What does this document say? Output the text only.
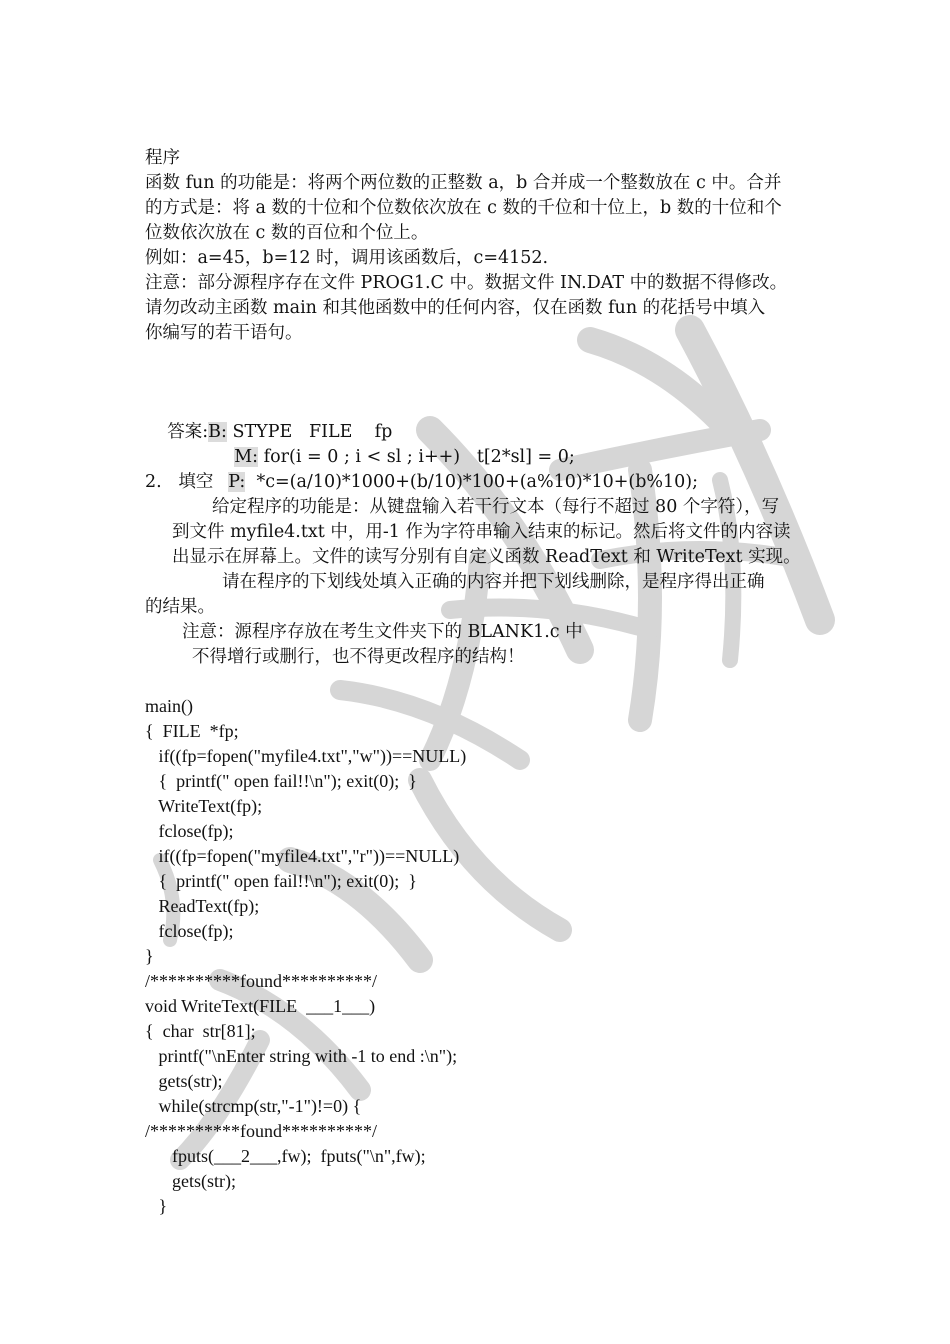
程序
函数 fun 的功能是：将两个两位数的正整数 a，b 合并成一个整数放在 c 中。合并
的方式是：将 a 数的十位和个位数依次放在 c 数的千位和十位上，b 数的十位和个
位数依次放在 c 数的百位和个位上。
例如：a=45，b=12 时，调用该函数后，c=4152.
注意：部分源程序存在文件 PROG1.C 中。数据文件 IN.DAT 中的数据不得修改。
请勿改动主函数 main 和其他函数中的任何内容，仅在函数 fun 的花括号中填入
你编写的若干语句。

答案:B: STYPE   FILE    fp

M: for(i = 0 ; i < sl ; i++)   t[2*sl] = 0;

P:  *c=(a/10)*1000+(b/10)*100+(a%10)*10+(b%10);

2.   填空
给定程序的功能是：从键盘输入若干行文本（每行不超过 80 个字符），写
到文件 myfile4.txt 中，用-1 作为字符串输入结束的标记。然后将文件的内容读
出显示在屏幕上。文件的读写分别有自定义函数 ReadText 和 WriteText 实现。
请在程序的下划线处填入正确的内容并把下划线删除，是程序得出正确
的结果。
注意：源程序存放在考生文件夹下的 BLANK1.c 中
不得增行或删行，也不得更改程序的结构！
main()
{  FILE  *fp;
if((fp=fopen("myfile4.txt","w"))==NULL)
{  printf(" open fail!!\n"); exit(0);  }
WriteText(fp);
fclose(fp);
if((fp=fopen("myfile4.txt","r"))==NULL)
{  printf(" open fail!!\n"); exit(0);  }
ReadText(fp);
fclose(fp);
}
/**********found**********/
void WriteText(FILE  ___1___)
{  char  str[81];
printf("\nEnter string with -1 to end :\n");
gets(str);
while(strcmp(str,"-1")!=0) {
/**********found**********/
fputs(___2___,fw);  fputs("\n",fw);
gets(str);
}
